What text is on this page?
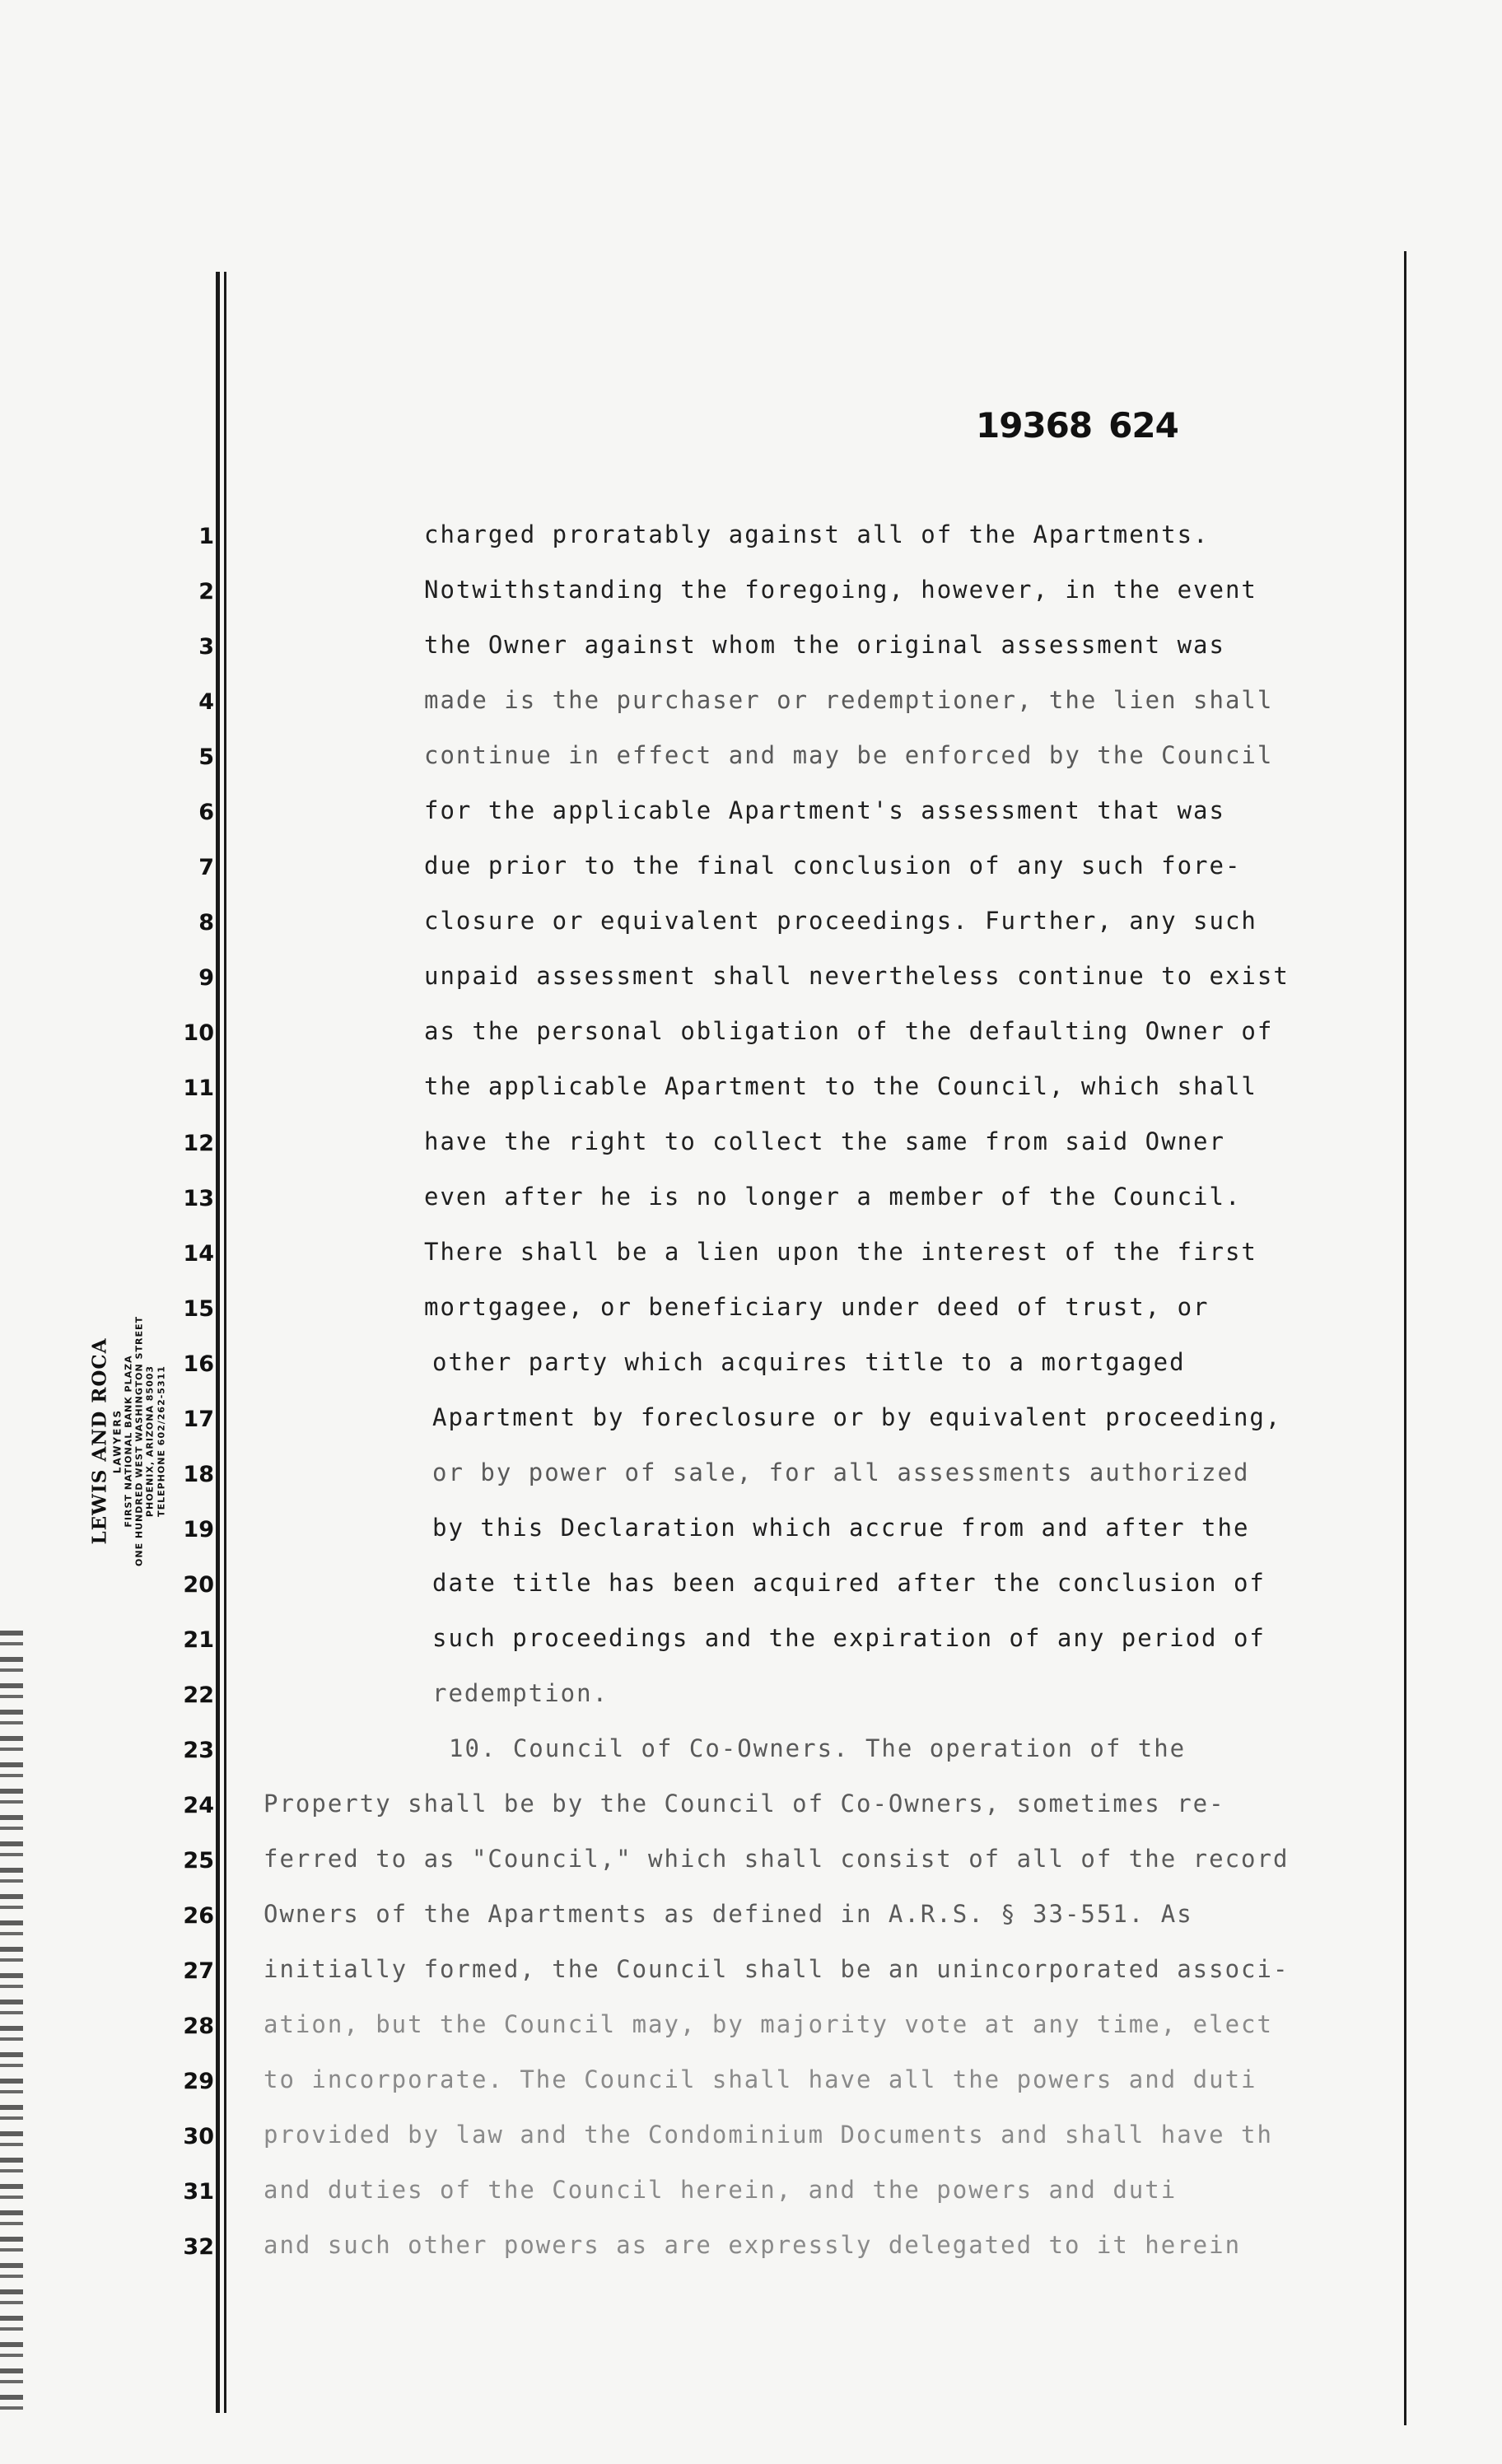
19368 624
LEWIS AND ROCA LAWYERS FIRST NATIONAL BANK PLAZA ONE HUNDRED WEST WASHINGTON STREET PHOENIX, ARIZONA 85003 TELEPHONE 602/262-5311
1
2
3
4
5
6
7
8
9
10
11
12
13
14
15
16
17
18
19
20
21
22
23
24
25
26
27
28
29
30
31
32
charged proratably against all of the Apartments.
Notwithstanding the foregoing, however, in the event
the Owner against whom the original assessment was
made is the purchaser or redemptioner, the lien shall
continue in effect and may be enforced by the Council
for the applicable Apartment's assessment that was
due prior to the final conclusion of any such fore-
closure or equivalent proceedings. Further, any such
unpaid assessment shall nevertheless continue to exist
as the personal obligation of the defaulting Owner of
the applicable Apartment to the Council, which shall
have the right to collect the same from said Owner
even after he is no longer a member of the Council.
There shall be a lien upon the interest of the first
mortgagee, or beneficiary under deed of trust, or
other party which acquires title to a mortgaged
Apartment by foreclosure or by equivalent proceeding,
or by power of sale, for all assessments authorized
by this Declaration which accrue from and after the
date title has been acquired after the conclusion of
such proceedings and the expiration of any period of
redemption.
10. Council of Co-Owners. The operation of the
Property shall be by the Council of Co-Owners, sometimes re-
ferred to as "Council," which shall consist of all of the record
Owners of the Apartments as defined in A.R.S. § 33-551. As
initially formed, the Council shall be an unincorporated associ-
ation, but the Council may, by majority vote at any time, elect
to incorporate. The Council shall have all the powers and duti
provided by law and the Condominium Documents and shall have th
and duties of the Council herein, and the powers and duti
and such other powers as are expressly delegated to it herein
